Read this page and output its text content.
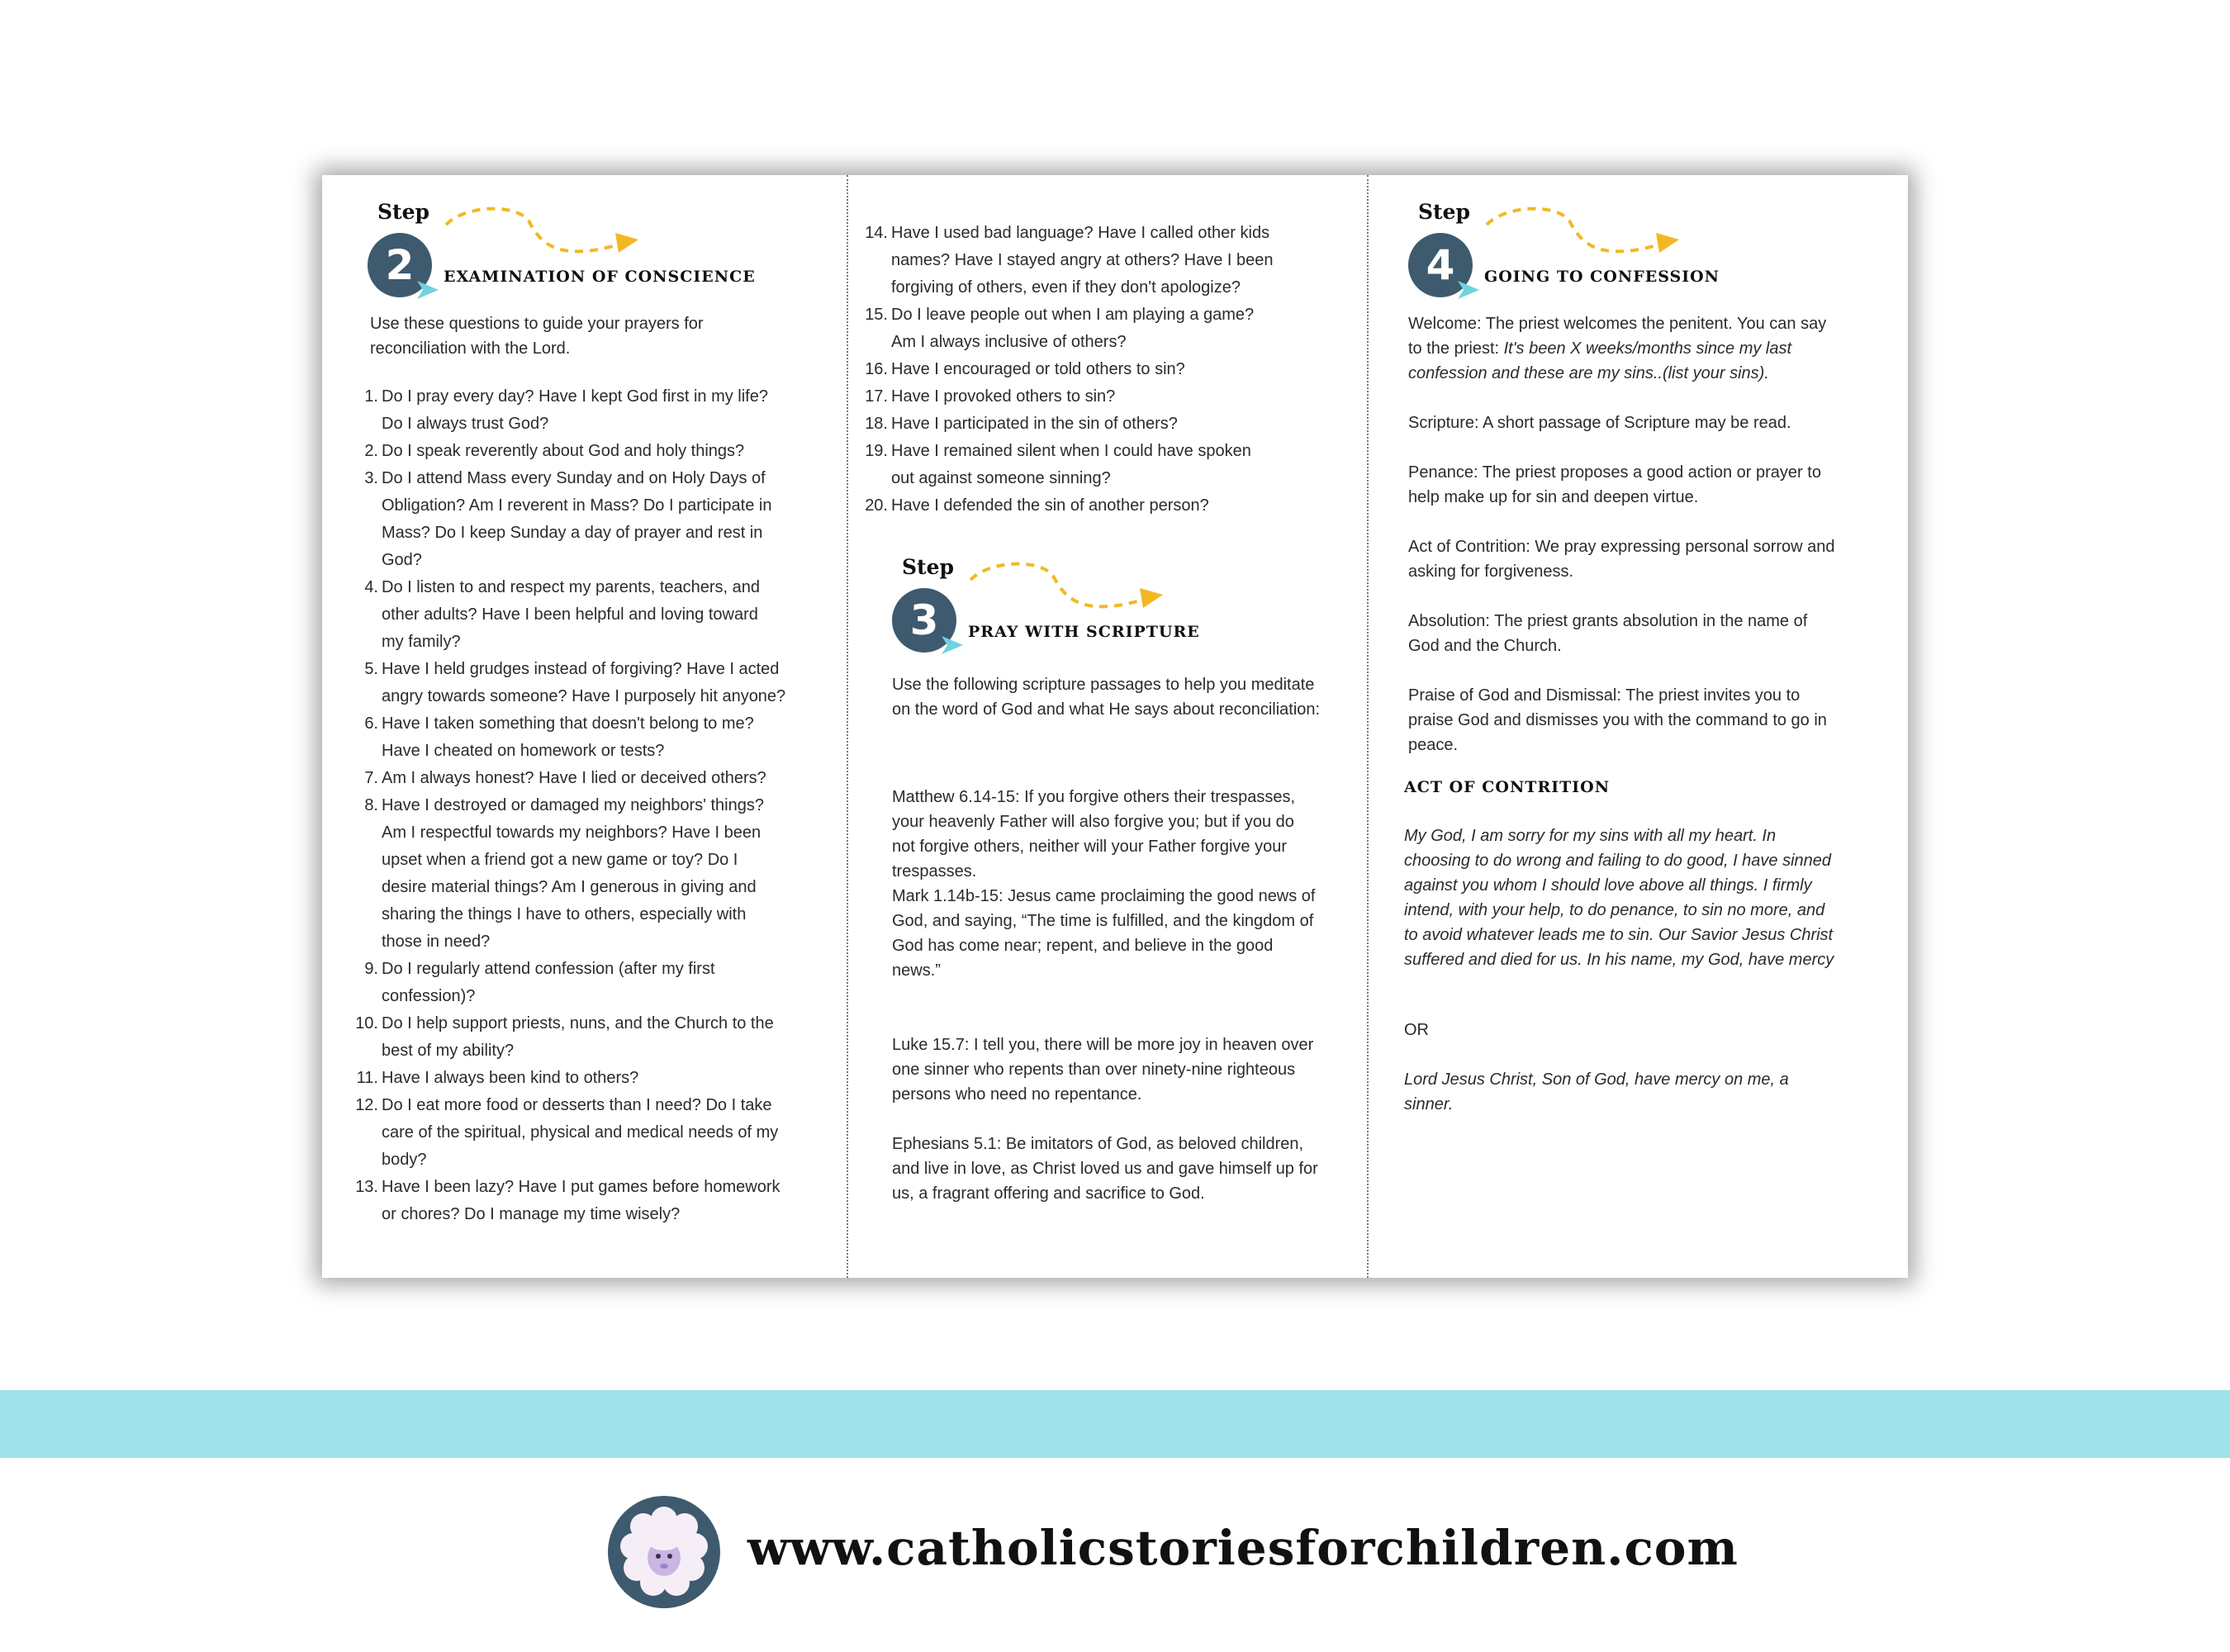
Step
2	EXAMINATION OF CONSCIENCE

Use these questions to guide your prayers for reconciliation with the Lord.

1. Do I pray every day? Have I kept God first in my life?
Do I always trust God?
2. Do I speak reverently about God and holy things?
3. Do I attend Mass every Sunday and on Holy Days of
Obligation? Am I reverent in Mass? Do I participate in
Mass? Do I keep Sunday a day of prayer and rest in
God?
4. Do I listen to and respect my parents, teachers, and
other adults? Have I been helpful and loving toward
my family?
5. Have I held grudges instead of forgiving? Have I acted
angry towards someone? Have I purposely hit anyone?
6. Have I taken something that doesn't belong to me?
Have I cheated on homework or tests?
7. Am I always honest? Have I lied or deceived others?
8. Have I destroyed or damaged my neighbors' things?
Am I respectful towards my neighbors? Have I been
upset when a friend got a new game or toy? Do I
desire material things? Am I generous in giving and
sharing the things I have to others, especially with
those in need?
9. Do I regularly attend confession (after my first
confession)?
10. Do I help support priests, nuns, and the Church to the
best of my ability?
11. Have I always been kind to others?
12. Do I eat more food or desserts than I need? Do I take
care of the spiritual, physical and medical needs of my
body?
13. Have I been lazy? Have I put games before homework
or chores? Do I manage my time wisely?
14. Have I used bad language? Have I called other kids
names? Have I stayed angry at others? Have I been
forgiving of others, even if they don't apologize?
15. Do I leave people out when I am playing a game?
Am I always inclusive of others?
16. Have I encouraged or told others to sin?
17. Have I provoked others to sin?
18. Have I participated in the sin of others?
19. Have I remained silent when I could have spoken
out against someone sinning?
20. Have I defended the sin of another person?
Step
3	PRAY WITH SCRIPTURE

Use the following scripture passages to help you meditate on the word of God and what He says about reconciliation:

Matthew 6.14-15: If you forgive others their trespasses, your heavenly Father will also forgive you; but if you do not forgive others, neither will your Father forgive your trespasses.

Mark 1.14b-15: Jesus came proclaiming the good news of God, and saying, “The time is fulfilled, and the kingdom of God has come near; repent, and believe in the good news.”

Luke 15.7: I tell you, there will be more joy in heaven over one sinner who repents than over ninety-nine righteous persons who need no repentance.

Ephesians 5.1: Be imitators of God, as beloved children, and live in love, as Christ loved us and gave himself up for us, a fragrant offering and sacrifice to God.

Step
4	GOING TO CONFESSION

Welcome: The priest welcomes the penitent. You can say to the priest: It's been X weeks/months since my last confession and these are my sins..(list your sins).

Scripture: A short passage of Scripture may be read.

Penance: The priest proposes a good action or prayer to help make up for sin and deepen virtue.

Act of Contrition: We pray expressing personal sorrow and asking for forgiveness.

Absolution: The priest grants absolution in the name of God and the Church.

Praise of God and Dismissal: The priest invites you to praise God and dismisses you with the command to go in peace.

ACT OF CONTRITION

My God, I am sorry for my sins with all my heart. In choosing to do wrong and failing to do good, I have sinned against you whom I should love above all things. I firmly intend, with your help, to do penance, to sin no more, and to avoid whatever leads me to sin. Our Savior Jesus Christ suffered and died for us. In his name, my God, have mercy

OR

Lord Jesus Christ, Son of God, have mercy on me, a sinner.

www.catholicstoriesforchildren.com
